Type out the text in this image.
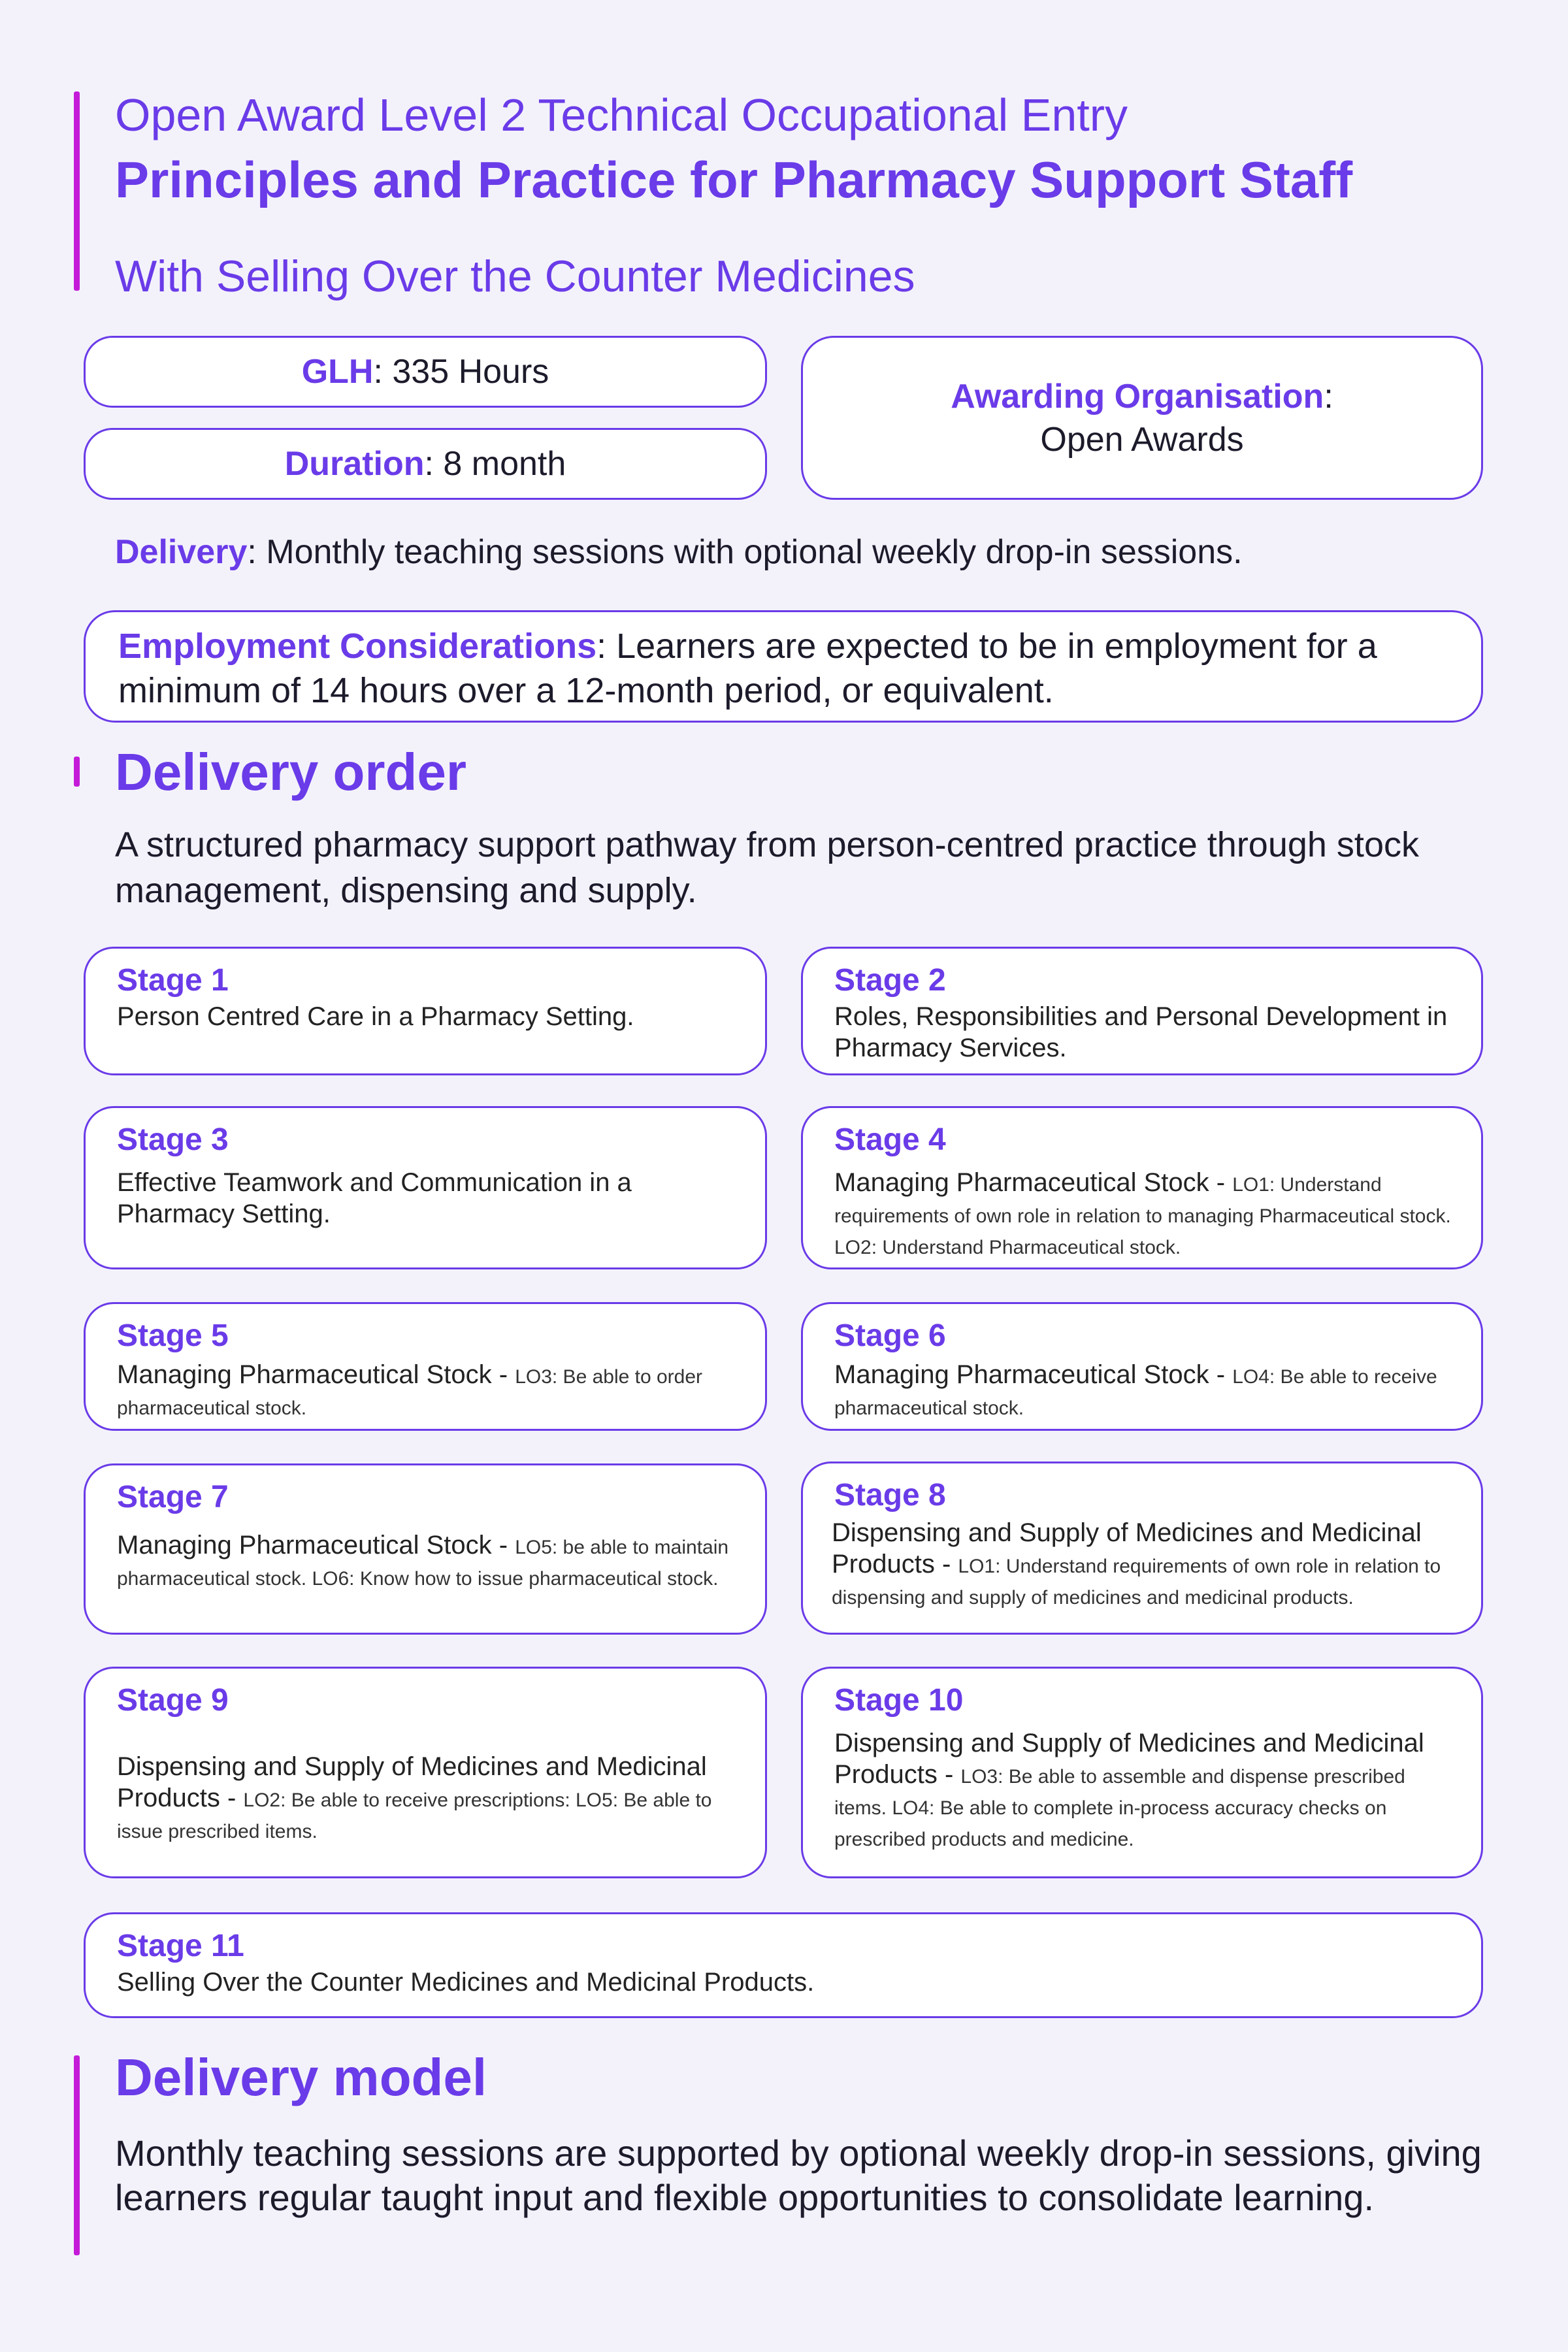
Open Award Level 2 Technical Occupational Entry
Principles and Practice for Pharmacy Support Staff
With Selling Over the Counter Medicines
GLH : 335 Hours
Duration : 8 month
Awarding Organisation:
Open Awards
Delivery: Monthly teaching sessions with optional weekly drop-in sessions.
Employment Considerations: Learners are expected to be in employment for a minimum of 14 hours over a 12-month period, or equivalent.
Delivery order
A structured pharmacy support pathway from person-centred practice through stock management, dispensing and supply.
Stage 1
Person Centred Care in a Pharmacy Setting.
Stage 2
Roles, Responsibilities and Personal Development in Pharmacy Services.
Stage 3
Effective Teamwork and Communication in a Pharmacy Setting.
Stage 4
Managing Pharmaceutical Stock - LO1: Understand requirements of own role in relation to managing Pharmaceutical stock. LO2: Understand Pharmaceutical stock.
Stage 5
Managing Pharmaceutical Stock - LO3: Be able to order pharmaceutical stock.
Stage 6
Managing Pharmaceutical Stock - LO4: Be able to receive pharmaceutical stock.
Stage 7
Managing Pharmaceutical Stock - LO5: be able to maintain pharmaceutical stock. LO6: Know how to issue pharmaceutical stock.
Stage 8
Dispensing and Supply of Medicines and Medicinal Products - LO1: Understand requirements of own role in relation to dispensing and supply of medicines and medicinal products.
Stage 9
Dispensing and Supply of Medicines and Medicinal Products - LO2: Be able to receive prescriptions: LO5: Be able to issue prescribed items.
Stage 10
Dispensing and Supply of Medicines and Medicinal Products - LO3: Be able to assemble and dispense prescribed items. LO4: Be able to complete in-process accuracy checks on prescribed products and medicine.
Stage 11
Selling Over the Counter Medicines and Medicinal Products.
Delivery model
Monthly teaching sessions are supported by optional weekly drop-in sessions, giving learners regular taught input and flexible opportunities to consolidate learning.
